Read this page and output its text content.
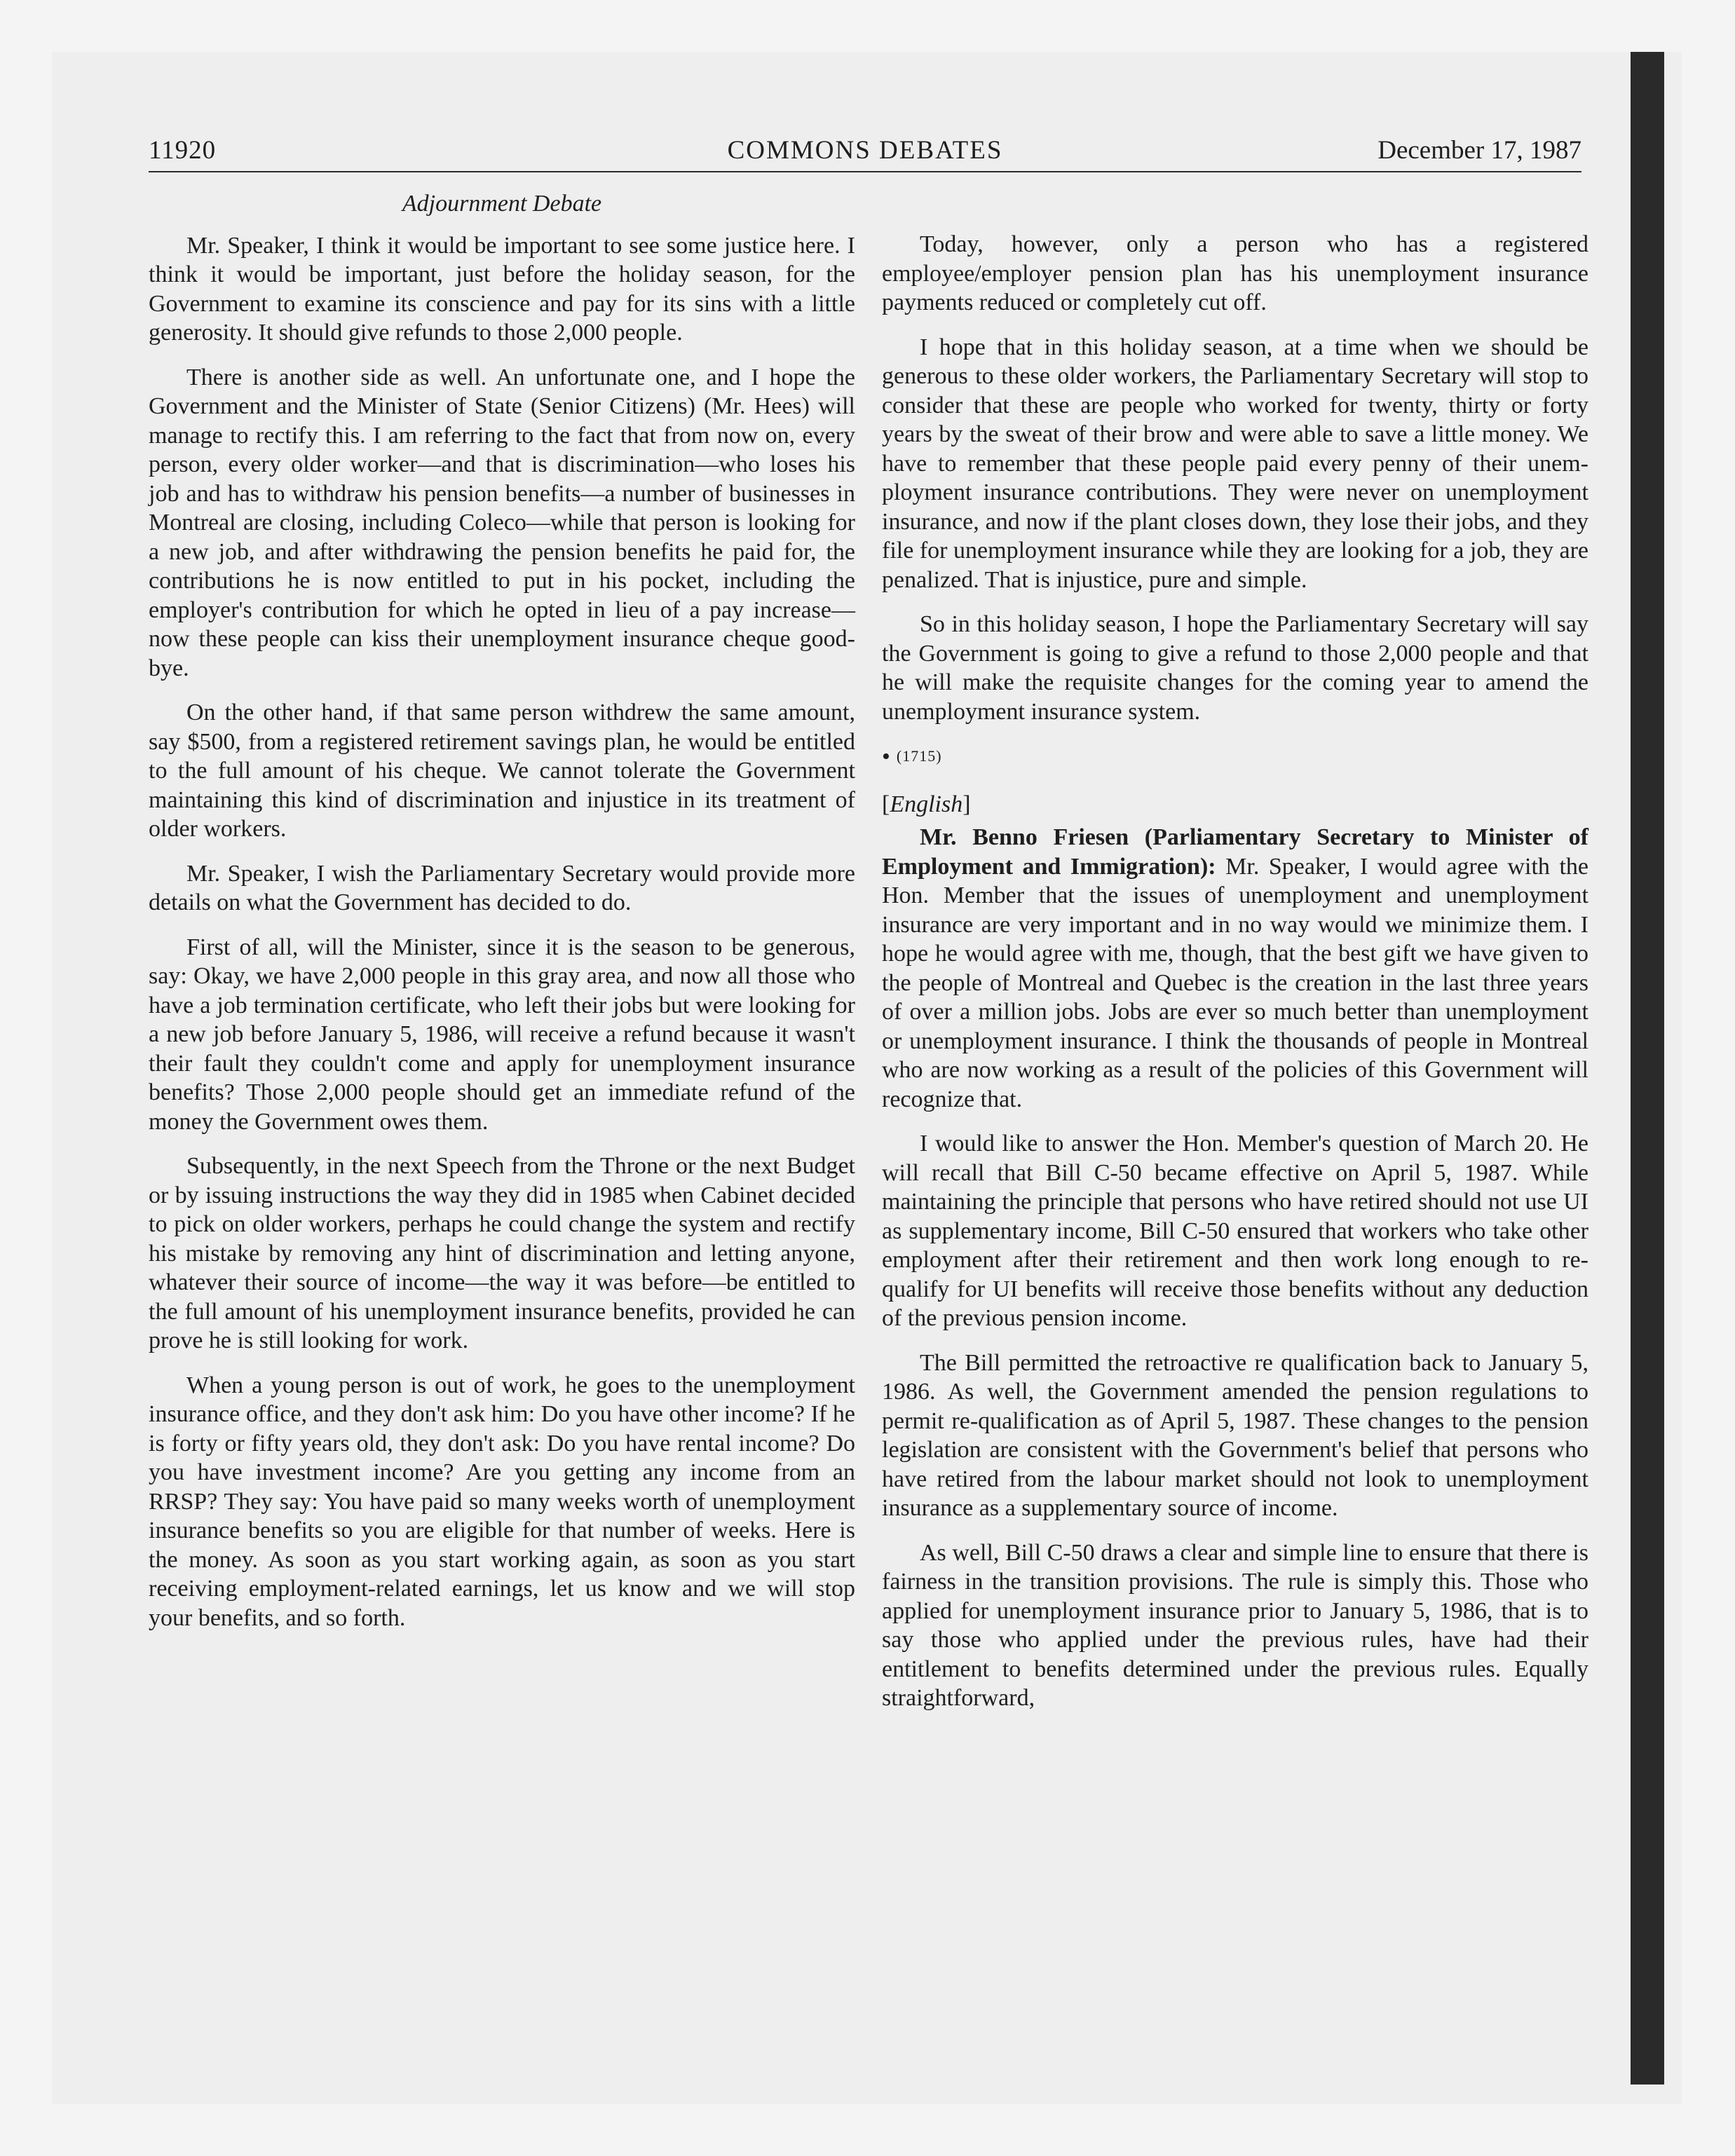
11920	COMMONS DEBATES	December 17, 1987
Adjournment Debate

Mr. Speaker, I think it would be important to see some justice here. I think it would be important, just before the holiday season, for the Government to examine its conscience and pay for its sins with a little generosity. It should give refunds to those 2,000 people.

There is another side as well. An unfortunate one, and I hope the Government and the Minister of State (Senior Citizens) (Mr. Hees) will manage to rectify this. I am referring to the fact that from now on, every person, every older worker—and that is discrimination—who loses his job and has to withdraw his pension benefits—a number of businesses in Montreal are closing, including Coleco—while that person is looking for a new job, and after withdrawing the pension benefits he paid for, the contributions he is now entitled to put in his pocket, including the employer's contribution for which he opted in lieu of a pay increase—now these people can kiss their unemployment insurance cheque goodbye.

On the other hand, if that same person withdrew the same amount, say $500, from a registered retirement savings plan, he would be entitled to the full amount of his cheque. We cannot tolerate the Government maintaining this kind of discrimination and injustice in its treatment of older workers.

Mr. Speaker, I wish the Parliamentary Secretary would provide more details on what the Government has decided to do.

First of all, will the Minister, since it is the season to be generous, say: Okay, we have 2,000 people in this gray area, and now all those who have a job termination certificate, who left their jobs but were looking for a new job before January 5, 1986, will receive a refund because it wasn't their fault they couldn't come and apply for unemployment insurance benefits? Those 2,000 people should get an immediate refund of the money the Government owes them.

Subsequently, in the next Speech from the Throne or the next Budget or by issuing instructions the way they did in 1985 when Cabinet decided to pick on older workers, perhaps he could change the system and rectify his mistake by removing any hint of discrimination and letting anyone, whatever their source of income—the way it was before—be entitled to the full amount of his unemployment insurance benefits, provided he can prove he is still looking for work.

When a young person is out of work, he goes to the unemployment insurance office, and they don't ask him: Do you have other income? If he is forty or fifty years old, they don't ask: Do you have rental income? Do you have investment income? Are you getting any income from an RRSP? They say: You have paid so many weeks worth of unemployment insurance benefits so you are eligible for that number of weeks. Here is the money. As soon as you start working again, as soon as you start receiving employment-related earnings, let us know and we will stop your benefits, and so forth.

Today, however, only a person who has a registered employee/employer pension plan has his unemployment insurance payments reduced or completely cut off.

I hope that in this holiday season, at a time when we should be generous to these older workers, the Parliamentary Secretary will stop to consider that these are people who worked for twenty, thirty or forty years by the sweat of their brow and were able to save a little money. We have to remember that these people paid every penny of their unemployment insurance contributions. They were never on unemployment insurance, and now if the plant closes down, they lose their jobs, and they file for unemployment insurance while they are looking for a job, they are penalized. That is injustice, pure and simple.

So in this holiday season, I hope the Parliamentary Secretary will say the Government is going to give a refund to those 2,000 people and that he will make the requisite changes for the coming year to amend the unemployment insurance system.

• (1715)
[English]

Mr. Benno Friesen (Parliamentary Secretary to Minister of Employment and Immigration): Mr. Speaker, I would agree with the Hon. Member that the issues of unemployment and unemployment insurance are very important and in no way would we minimize them. I hope he would agree with me, though, that the best gift we have given to the people of Montreal and Quebec is the creation in the last three years of over a million jobs. Jobs are ever so much better than unemployment or unemployment insurance. I think the thousands of people in Montreal who are now working as a result of the policies of this Government will recognize that.

I would like to answer the Hon. Member's question of March 20. He will recall that Bill C-50 became effective on April 5, 1987. While maintaining the principle that persons who have retired should not use UI as supplementary income, Bill C-50 ensured that workers who take other employment after their retirement and then work long enough to re-qualify for UI benefits will receive those benefits without any deduction of the previous pension income.

The Bill permitted the retroactive re qualification back to January 5, 1986. As well, the Government amended the pension regulations to permit re-qualification as of April 5, 1987. These changes to the pension legislation are consistent with the Government's belief that persons who have retired from the labour market should not look to unemployment insurance as a supplementary source of income.

As well, Bill C-50 draws a clear and simple line to ensure that there is fairness in the transition provisions. The rule is simply this. Those who applied for unemployment insurance prior to January 5, 1986, that is to say those who applied under the previous rules, have had their entitlement to benefits determined under the previous rules. Equally straightforward,
